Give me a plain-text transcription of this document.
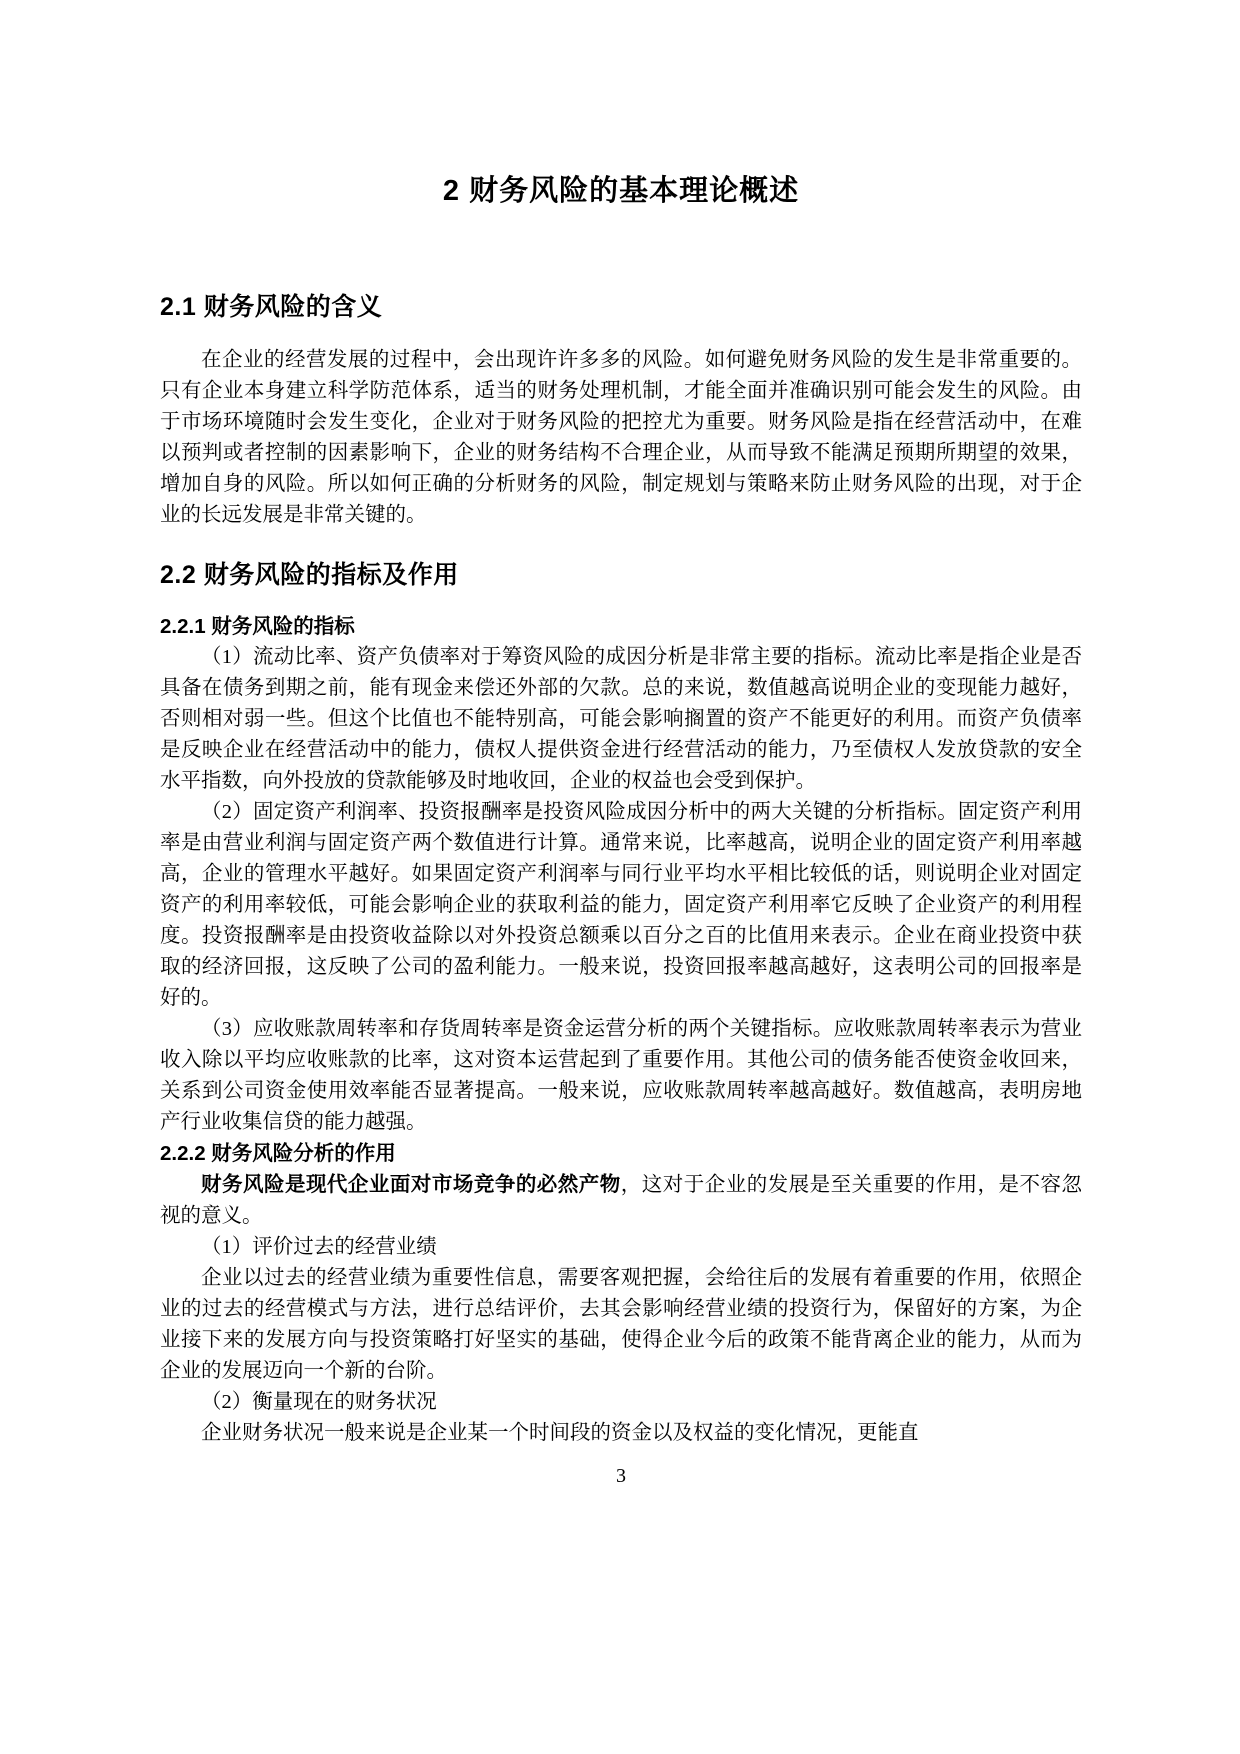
2 财务风险的基本理论概述
2.1 财务风险的含义

在企业的经营发展的过程中，会出现许许多多的风险。如何避免财务风险的发生是非常重要的。只有企业本身建立科学防范体系，适当的财务处理机制，才能全面并准确识别可能会发生的风险。由于市场环境随时会发生变化，企业对于财务风险的把控尤为重要。财务风险是指在经营活动中，在难以预判或者控制的因素影响下，企业的财务结构不合理企业，从而导致不能满足预期所期望的效果，增加自身的风险。所以如何正确的分析财务的风险，制定规划与策略来防止财务风险的出现，对于企业的长远发展是非常关键的。

2.2 财务风险的指标及作用
2.2.1 财务风险的指标

（1）流动比率、资产负债率对于筹资风险的成因分析是非常主要的指标。流动比率是指企业是否具备在债务到期之前，能有现金来偿还外部的欠款。总的来说，数值越高说明企业的变现能力越好，否则相对弱一些。但这个比值也不能特别高，可能会影响搁置的资产不能更好的利用。而资产负债率是反映企业在经营活动中的能力，债权人提供资金进行经营活动的能力，乃至债权人发放贷款的安全水平指数，向外投放的贷款能够及时地收回，企业的权益也会受到保护。

（2）固定资产利润率、投资报酬率是投资风险成因分析中的两大关键的分析指标。固定资产利用率是由营业利润与固定资产两个数值进行计算。通常来说，比率越高，说明企业的固定资产利用率越高，企业的管理水平越好。如果固定资产利润率与同行业平均水平相比较低的话，则说明企业对固定资产的利用率较低，可能会影响企业的获取利益的能力，固定资产利用率它反映了企业资产的利用程度。投资报酬率是由投资收益除以对外投资总额乘以百分之百的比值用来表示。企业在商业投资中获取的经济回报，这反映了公司的盈利能力。一般来说，投资回报率越高越好，这表明公司的回报率是好的。

（3）应收账款周转率和存货周转率是资金运营分析的两个关键指标。应收账款周转率表示为营业收入除以平均应收账款的比率，这对资本运营起到了重要作用。其他公司的债务能否使资金收回来，关系到公司资金使用效率能否显著提高。一般来说，应收账款周转率越高越好。数值越高，表明房地产行业收集信贷的能力越强。

2.2.2 财务风险分析的作用

财务风险是现代企业面对市场竞争的必然产物，这对于企业的发展是至关重要的作用，是不容忽视的意义。

（1）评价过去的经营业绩

企业以过去的经营业绩为重要性信息，需要客观把握，会给往后的发展有着重要的作用，依照企业的过去的经营模式与方法，进行总结评价，去其会影响经营业绩的投资行为，保留好的方案，为企业接下来的发展方向与投资策略打好坚实的基础，使得企业今后的政策不能背离企业的能力，从而为企业的发展迈向一个新的台阶。

（2）衡量现在的财务状况

企业财务状况一般来说是企业某一个时间段的资金以及权益的变化情况，更能直

3
